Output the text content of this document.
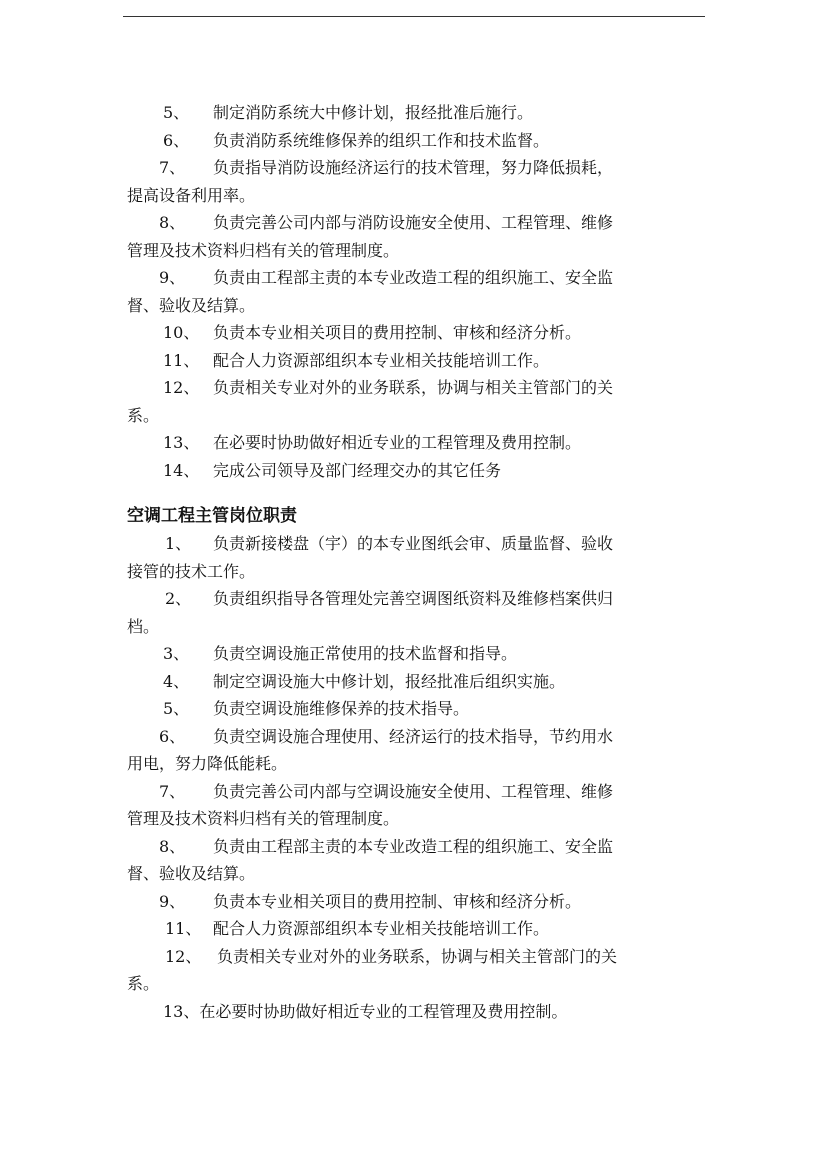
5、 制定消防系统大中修计划，报经批准后施行。
6、 负责消防系统维修保养的组织工作和技术监督。
7、 负责指导消防设施经济运行的技术管理，努力降低损耗，
提高设备利用率。
8、 负责完善公司内部与消防设施安全使用、工程管理、维修
管理及技术资料归档有关的管理制度。
9、 负责由工程部主责的本专业改造工程的组织施工、安全监
督、验收及结算。
10、 负责本专业相关项目的费用控制、审核和经济分析。
11、 配合人力资源部组织本专业相关技能培训工作。
12、 负责相关专业对外的业务联系，协调与相关主管部门的关
系。
13、 在必要时协助做好相近专业的工程管理及费用控制。
14、 完成公司领导及部门经理交办的其它任务
空调工程主管岗位职责
1、 负责新接楼盘（宇）的本专业图纸会审、质量监督、验收
接管的技术工作。
2、 负责组织指导各管理处完善空调图纸资料及维修档案供归
档。
3、 负责空调设施正常使用的技术监督和指导。
4、 制定空调设施大中修计划，报经批准后组织实施。
5、 负责空调设施维修保养的技术指导。
6、 负责空调设施合理使用、经济运行的技术指导，节约用水
用电，努力降低能耗。
7、 负责完善公司内部与空调设施安全使用、工程管理、维修
管理及技术资料归档有关的管理制度。
8、 负责由工程部主责的本专业改造工程的组织施工、安全监
督、验收及结算。
9、 负责本专业相关项目的费用控制、审核和经济分析。
11、 配合人力资源部组织本专业相关技能培训工作。
12、 负责相关专业对外的业务联系，协调与相关主管部门的关
系。
13、在必要时协助做好相近专业的工程管理及费用控制。
